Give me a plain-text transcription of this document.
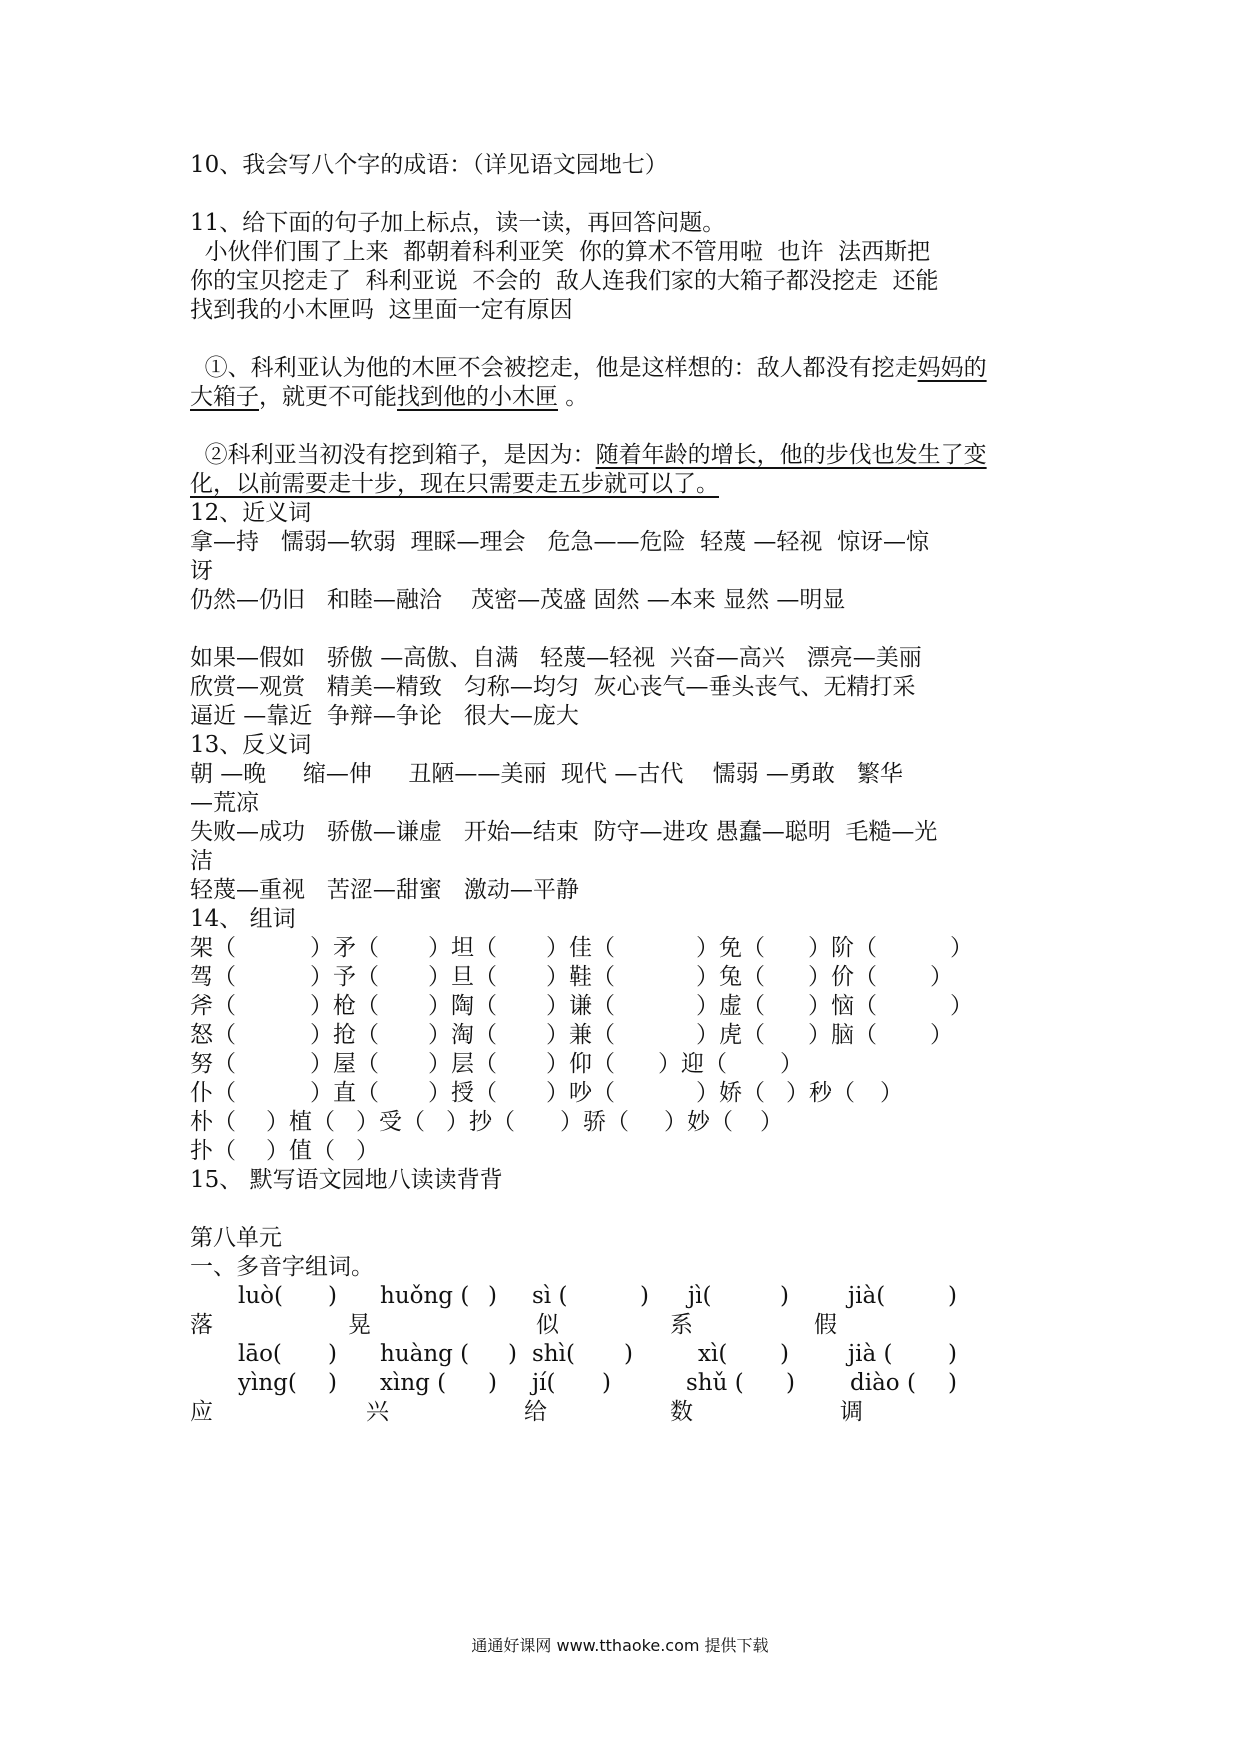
10、我会写八个字的成语：（详见语文园地七）
11、给下面的句子加上标点，读一读，再回答问题。
小伙伴们围了上来  都朝着科利亚笑  你的算术不管用啦  也许  法西斯把
你的宝贝挖走了  科利亚说  不会的  敌人连我们家的大箱子都没挖走  还能
找到我的小木匣吗  这里面一定有原因
①、科利亚认为他的木匣不会被挖走，他是这样想的：敌人都没有挖走妈妈的
大箱子，就更不可能找到他的小木匣 。
②科利亚当初没有挖到箱子，是因为：随着年龄的增长，他的步伐也发生了变
化，以前需要走十步，现在只需要走五步就可以了。
12、近义词
拿—持   懦弱—软弱  理睬—理会   危急——危险  轻蔑 —轻视  惊讶—惊
讶
仍然—仍旧   和睦—融洽    茂密—茂盛 固然 —本来 显然 —明显
如果—假如   骄傲 —高傲、自满   轻蔑—轻视  兴奋—高兴   漂亮—美丽
欣赏—观赏   精美—精致   匀称—均匀  灰心丧气—垂头丧气、无精打采
逼近 —靠近  争辩—争论   很大—庞大
13、反义词
朝 —晚     缩—伸     丑陋——美丽  现代 —古代    懦弱 —勇敢   繁华
—荒凉
失败—成功   骄傲—谦虚   开始—结束  防守—进攻 愚蠢—聪明  毛糙—光
洁
轻蔑—重视   苦涩—甜蜜   激动—平静
14、 组词
架（	）矛（ ）坦（ ）佳（	）免（ ）阶（	）
驾（	）予（ ）旦（ ）鞋（	）兔（ ）价（ ）
斧（	）枪（ ）陶（ ）谦（	）虚（ ）恼（	）
怒（	）抢（ ）淘（ ）兼（	）虎（ ）脑（ ）
努（	）屋（ ）层（ ）仰（ ）迎（ ）
仆（	）直（ ）授（ ）吵（	）娇（ ）秒（ ）
朴（ ）植（ ）受（ ）抄（ ）骄（ ）妙（ ）
扑（ ）值（ ）
15、 默写语文园地八读读背背
第八单元
一、多音字组词。
luò( ) huǒng ( ) sì (	) jì(	)	jià(	)
落	晃	似	系	假
lāo( ) huàng ( ) shì( )	xì( )	jià ( )
yìng( ) xìng ( ) jí( )	shǔ ( ) diào ( )
应	兴	给	数	调
通通好课网 www.tthaoke.com 提供下载
